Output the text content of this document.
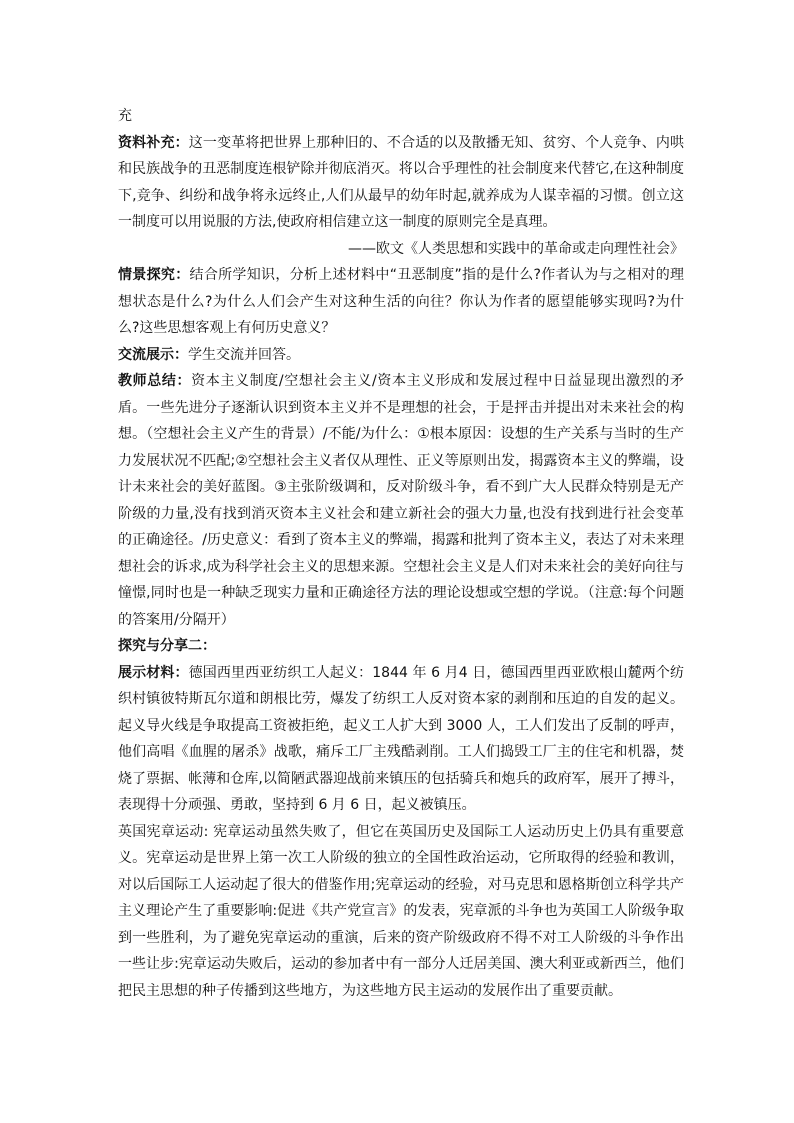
充

资料补充：这一变革将把世界上那种旧的、不合适的以及散播无知、贫穷、个人竞争、内哄和民族战争的丑恶制度连根铲除并彻底消灭。将以合乎理性的社会制度来代替它,在这种制度下,竞争、纠纷和战争将永远终止,人们从最早的幼年时起,就养成为人谋幸福的习惯。创立这一制度可以用说服的方法,使政府相信建立这一制度的原则完全是真理。

——欧文《人类思想和实践中的革命或走向理性社会》

情景探究：结合所学知识，分析上述材料中“丑恶制度”指的是什么?作者认为与之相对的理想状态是什么?为什么人们会产生对这种生活的向往？你认为作者的愿望能够实现吗?为什么?这些思想客观上有何历史意义？

交流展示：学生交流并回答。

教师总结：资本主义制度/空想社会主义/资本主义形成和发展过程中日益显现出激烈的矛盾。一些先进分子逐渐认识到资本主义并不是理想的社会，于是抨击并提出对未来社会的构想。（空想社会主义产生的背景）/不能/为什么：①根本原因：设想的生产关系与当时的生产力发展状况不匹配;②空想社会主义者仅从理性、正义等原则出发，揭露资本主义的弊端，设计未来社会的美好蓝图。③主张阶级调和，反对阶级斗争，看不到广大人民群众特别是无产阶级的力量,没有找到消灭资本主义社会和建立新社会的强大力量,也没有找到进行社会变革的正确途径。/历史意义：看到了资本主义的弊端，揭露和批判了资本主义，表达了对未来理想社会的诉求,成为科学社会主义的思想来源。空想社会主义是人们对未来社会的美好向往与憧憬,同时也是一种缺乏现实力量和正确途径方法的理论设想或空想的学说。（注意:每个问题的答案用/分隔开）

探究与分享二：

展示材料：德国西里西亚纺织工人起义：1844 年 6 月4 日，德国西里西亚欧根山麓两个纺织村镇彼特斯瓦尔道和朗根比劳，爆发了纺织工人反对资本家的剥削和压迫的自发的起义。起义导火线是争取提高工资被拒绝，起义工人扩大到 3000 人，工人们发出了反制的呼声，他们高唱《血腥的屠杀》战歌，痛斥工厂主残酷剥削。工人们捣毁工厂主的住宅和机器，焚烧了票据、帐薄和仓库,以简陋武器迎战前来镇压的包括骑兵和炮兵的政府军，展开了搏斗，表现得十分顽强、勇敢，坚持到 6 月 6 日，起义被镇压。

英国宪章运动: 宪章运动虽然失败了，但它在英国历史及国际工人运动历史上仍具有重要意义。宪章运动是世界上第一次工人阶级的独立的全国性政治运动，它所取得的经验和教训，对以后国际工人运动起了很大的借鉴作用;宪章运动的经验，对马克思和恩格斯创立科学共产主义理论产生了重要影响:促进《共产党宣言》的发表，宪章派的斗争也为英国工人阶级争取到一些胜利，为了避免宪章运动的重演，后来的资产阶级政府不得不对工人阶级的斗争作出一些让步:宪章运动失败后，运动的参加者中有一部分人迁居美国、澳大利亚或新西兰，他们把民主思想的种子传播到这些地方，为这些地方民主运动的发展作出了重要贡献。
